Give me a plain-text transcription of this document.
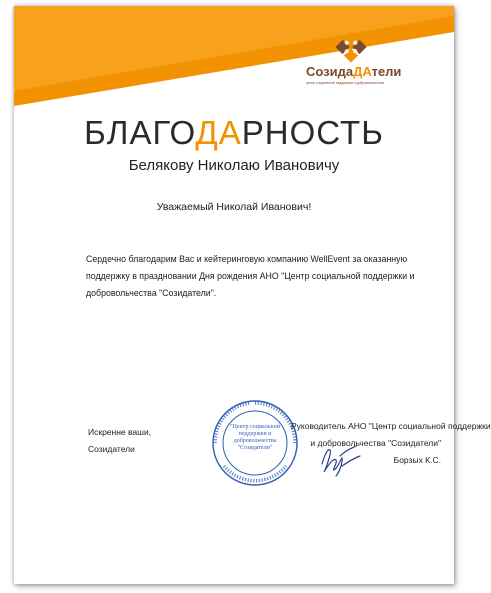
СозидаДАтели
центр социальной поддержки и добровольчества
БЛАГОДАРНОСТЬ
Белякову Николаю Ивановичу
Уважаемый Николай Иванович!
Сердечно благодарим Вас и кейтеринговую компанию WellEvent за оказанную поддержку в праздновании Дня рождения АНО "Центр социальной поддержки и добровольчества "Созидатели".
Искренне ваши,
Созидатели
"Центр социальной поддержки и добровольчества "Созидатели"
Руководитель АНО "Центр социальной поддержки
и добровольчества "Созидатели"
Борзых К.С.
